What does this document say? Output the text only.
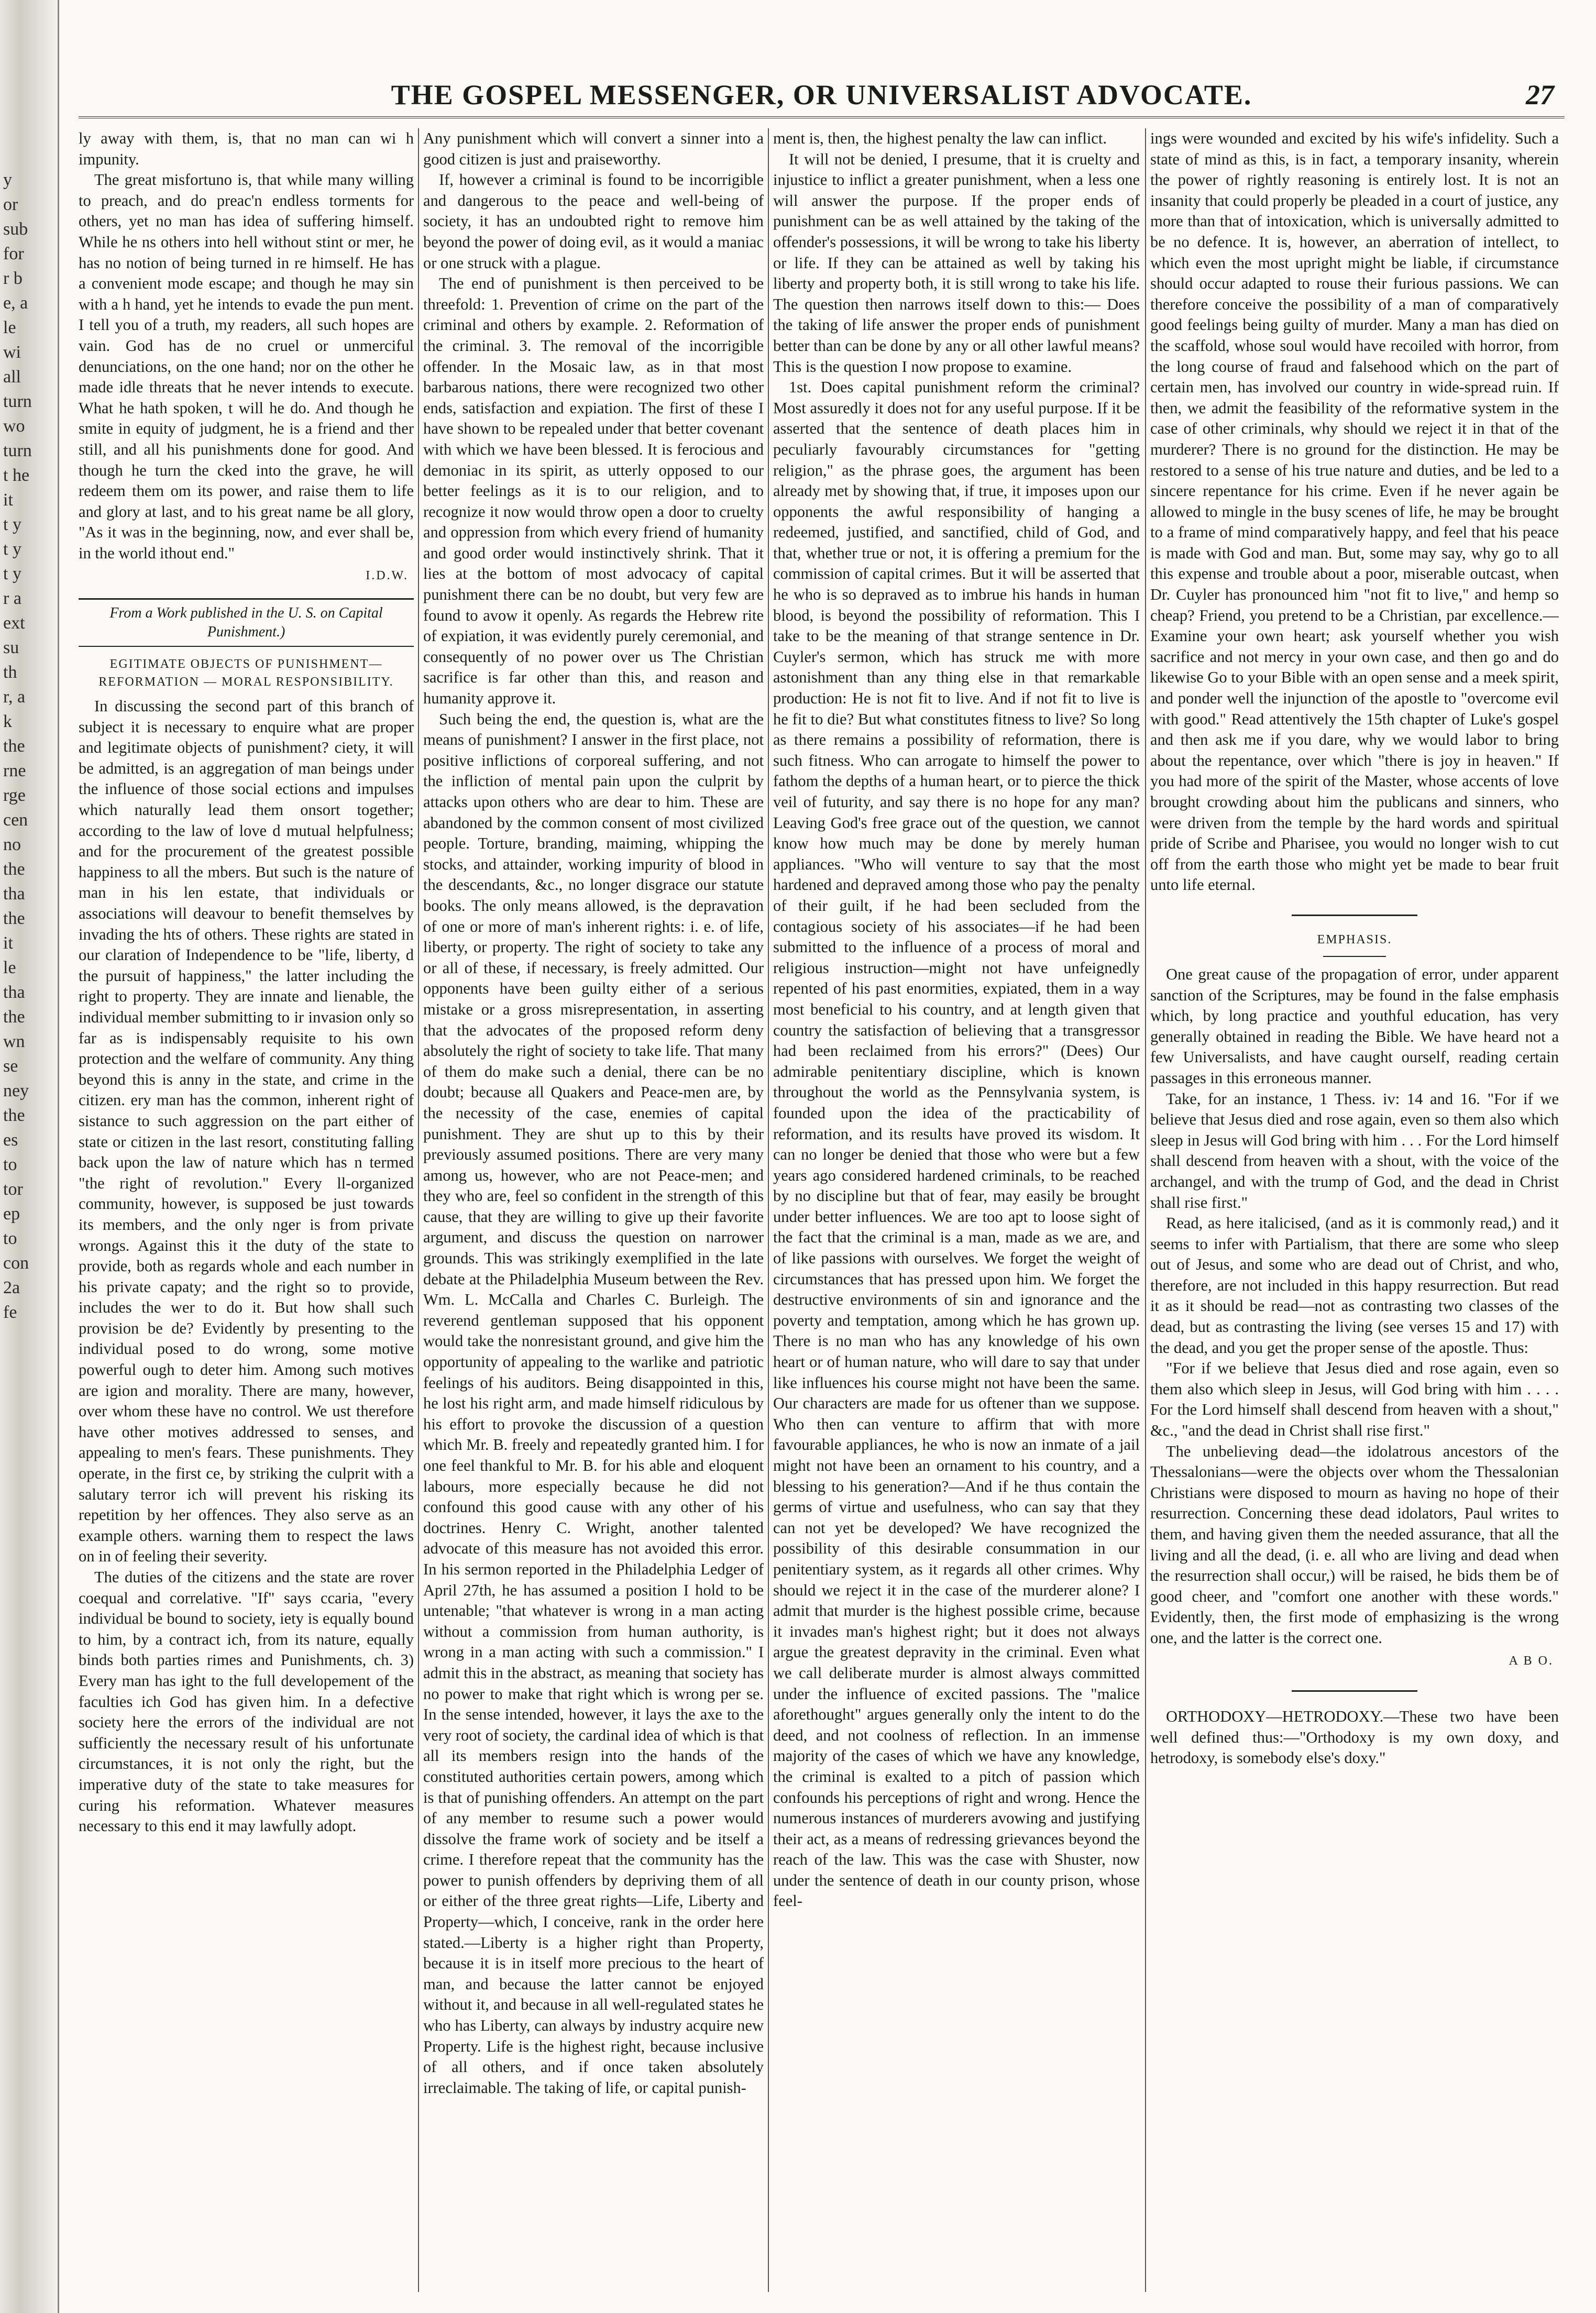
y
or
sub
for
r b
e, a
le
wi
all
turn
wo
turn
t he
it
t y
t y
t y
r a
ext
su
th
r, a
k
the
rne
rge
cen
no
the
tha
the
it
le
tha
the
wn
se
ney
the
es
to
tor
ep
to
con
2a
fe
THE GOSPEL MESSENGER, OR UNIVERSALIST ADVOCATE.	27

ly away with them, is, that no man can wi h impunity.

The great misfortuno is, that while many willing to preach, and do preac'n endless torments for others, yet no man has idea of suffering himself. While he ns others into hell without stint or mer, he has no notion of being turned in re himself. He has a convenient mode escape; and though he may sin with a h hand, yet he intends to evade the pun ment. I tell you of a truth, my readers, all such hopes are vain. God has de no cruel or unmerciful denunciations, on the one hand; nor on the other he made idle threats that he never intends to execute. What he hath spoken, t will he do. And though he smite in equity of judgment, he is a friend and ther still, and all his punishments done for good. And though he turn the cked into the grave, he will redeem them om its power, and raise them to life and glory at last, and to his great name be all glory, "As it was in the beginning, now, and ever shall be, in the world ithout end."

I.D.W.
From a Work published in the U. S. on Capital Punishment.)
EGITIMATE OBJECTS OF PUNISHMENT— REFORMATION — MORAL RESPONSIBILITY.

In discussing the second part of this branch of subject it is necessary to enquire what are proper and legitimate objects of punishment? ciety, it will be admitted, is an aggregation of man beings under the influence of those social ections and impulses which naturally lead them onsort together; according to the law of love d mutual helpfulness; and for the procurement of the greatest possible happiness to all the mbers. But such is the nature of man in his len estate, that individuals or associations will deavour to benefit themselves by invading the hts of others. These rights are stated in our claration of Independence to be "life, liberty, d the pursuit of happiness," the latter including the right to property. They are innate and lienable, the individual member submitting to ir invasion only so far as is indispensably requisite to his own protection and the welfare of community. Any thing beyond this is anny in the state, and crime in the citizen. ery man has the common, inherent right of sistance to such aggression on the part either of state or citizen in the last resort, constituting falling back upon the law of nature which has n termed "the right of revolution." Every ll-organized community, however, is supposed be just towards its members, and the only nger is from private wrongs. Against this it the duty of the state to provide, both as regards whole and each number in his private capaty; and the right so to provide, includes the wer to do it. But how shall such provision be de? Evidently by presenting to the individual posed to do wrong, some motive powerful ough to deter him. Among such motives are igion and morality. There are many, however, over whom these have no control. We ust therefore have other motives addressed to senses, and appealing to men's fears. These punishments. They operate, in the first ce, by striking the culprit with a salutary terror ich will prevent his risking its repetition by her offences. They also serve as an example others. warning them to respect the laws on in of feeling their severity.

The duties of the citizens and the state are rover coequal and correlative. "If" says ccaria, "every individual be bound to society, iety is equally bound to him, by a contract ich, from its nature, equally binds both parties rimes and Punishments, ch. 3) Every man has ight to the full developement of the faculties ich God has given him. In a defective society here the errors of the individual are not sufficiently the necessary result of his unfortunate circumstances, it is not only the right, but the imperative duty of the state to take measures for curing his reformation. Whatever measures necessary to this end it may lawfully adopt.

Any punishment which will convert a sinner into a good citizen is just and praiseworthy.

If, however a criminal is found to be incorrigible and dangerous to the peace and well-being of society, it has an undoubted right to remove him beyond the power of doing evil, as it would a maniac or one struck with a plague.

The end of punishment is then perceived to be threefold: 1. Prevention of crime on the part of the criminal and others by example. 2. Reformation of the criminal. 3. The removal of the incorrigible offender. In the Mosaic law, as in that most barbarous nations, there were recognized two other ends, satisfaction and expiation. The first of these I have shown to be repealed under that better covenant with which we have been blessed. It is ferocious and demoniac in its spirit, as utterly opposed to our better feelings as it is to our religion, and to recognize it now would throw open a door to cruelty and oppression from which every friend of humanity and good order would instinctively shrink. That it lies at the bottom of most advocacy of capital punishment there can be no doubt, but very few are found to avow it openly. As regards the Hebrew rite of expiation, it was evidently purely ceremonial, and consequently of no power over us The Christian sacrifice is far other than this, and reason and humanity approve it.

Such being the end, the question is, what are the means of punishment? I answer in the first place, not positive inflictions of corporeal suffering, and not the infliction of mental pain upon the culprit by attacks upon others who are dear to him. These are abandoned by the common consent of most civilized people. Torture, branding, maiming, whipping the stocks, and attainder, working impurity of blood in the descendants, &c., no longer disgrace our statute books. The only means allowed, is the depravation of one or more of man's inherent rights: i. e. of life, liberty, or property. The right of society to take any or all of these, if necessary, is freely admitted. Our opponents have been guilty either of a serious mistake or a gross misrepresentation, in asserting that the advocates of the proposed reform deny absolutely the right of society to take life. That many of them do make such a denial, there can be no doubt; because all Quakers and Peace-men are, by the necessity of the case, enemies of capital punishment. They are shut up to this by their previously assumed positions. There are very many among us, however, who are not Peace-men; and they who are, feel so confident in the strength of this cause, that they are willing to give up their favorite argument, and discuss the question on narrower grounds. This was strikingly exemplified in the late debate at the Philadelphia Museum between the Rev. Wm. L. McCalla and Charles C. Burleigh. The reverend gentleman supposed that his opponent would take the nonresistant ground, and give him the opportunity of appealing to the warlike and patriotic feelings of his auditors. Being disappointed in this, he lost his right arm, and made himself ridiculous by his effort to provoke the discussion of a question which Mr. B. freely and repeatedly granted him. I for one feel thankful to Mr. B. for his able and eloquent labours, more especially because he did not confound this good cause with any other of his doctrines. Henry C. Wright, another talented advocate of this measure has not avoided this error. In his sermon reported in the Philadelphia Ledger of April 27th, he has assumed a position I hold to be untenable; "that whatever is wrong in a man acting without a commission from human authority, is wrong in a man acting with such a commission." I admit this in the abstract, as meaning that society has no power to make that right which is wrong per se. In the sense intended, however, it lays the axe to the very root of society, the cardinal idea of which is that all its members resign into the hands of the constituted authorities certain powers, among which is that of punishing offenders. An attempt on the part of any member to resume such a power would dissolve the frame work of society and be itself a crime. I therefore repeat that the community has the power to punish offenders by depriving them of all or either of the three great rights—Life, Liberty and Property—which, I conceive, rank in the order here stated.—Liberty is a higher right than Property, because it is in itself more precious to the heart of man, and because the latter cannot be enjoyed without it, and because in all well-regulated states he who has Liberty, can always by industry acquire new Property. Life is the highest right, because inclusive of all others, and if once taken absolutely irreclaimable. The taking of life, or capital punish-

ment is, then, the highest penalty the law can inflict.

It will not be denied, I presume, that it is cruelty and injustice to inflict a greater punishment, when a less one will answer the purpose. If the proper ends of punishment can be as well attained by the taking of the offender's possessions, it will be wrong to take his liberty or life. If they can be attained as well by taking his liberty and property both, it is still wrong to take his life. The question then narrows itself down to this:— Does the taking of life answer the proper ends of punishment better than can be done by any or all other lawful means? This is the question I now propose to examine.

1st. Does capital punishment reform the criminal? Most assuredly it does not for any useful purpose. If it be asserted that the sentence of death places him in peculiarly favourably circumstances for "getting religion," as the phrase goes, the argument has been already met by showing that, if true, it imposes upon our opponents the awful responsibility of hanging a redeemed, justified, and sanctified, child of God, and that, whether true or not, it is offering a premium for the commission of capital crimes. But it will be asserted that he who is so depraved as to imbrue his hands in human blood, is beyond the possibility of reformation. This I take to be the meaning of that strange sentence in Dr. Cuyler's sermon, which has struck me with more astonishment than any thing else in that remarkable production: He is not fit to live. And if not fit to live is he fit to die? But what constitutes fitness to live? So long as there remains a possibility of reformation, there is such fitness. Who can arrogate to himself the power to fathom the depths of a human heart, or to pierce the thick veil of futurity, and say there is no hope for any man? Leaving God's free grace out of the question, we cannot know how much may be done by merely human appliances. "Who will venture to say that the most hardened and depraved among those who pay the penalty of their guilt, if he had been secluded from the contagious society of his associates—if he had been submitted to the influence of a process of moral and religious instruction—might not have unfeignedly repented of his past enormities, expiated, them in a way most beneficial to his country, and at length given that country the satisfaction of believing that a transgressor had been reclaimed from his errors?" (Dees) Our admirable penitentiary discipline, which is known throughout the world as the Pennsylvania system, is founded upon the idea of the practicability of reformation, and its results have proved its wisdom. It can no longer be denied that those who were but a few years ago considered hardened criminals, to be reached by no discipline but that of fear, may easily be brought under better influences. We are too apt to loose sight of the fact that the criminal is a man, made as we are, and of like passions with ourselves. We forget the weight of circumstances that has pressed upon him. We forget the destructive environments of sin and ignorance and the poverty and temptation, among which he has grown up. There is no man who has any knowledge of his own heart or of human nature, who will dare to say that under like influences his course might not have been the same. Our characters are made for us oftener than we suppose. Who then can venture to affirm that with more favourable appliances, he who is now an inmate of a jail might not have been an ornament to his country, and a blessing to his generation?—And if he thus contain the germs of virtue and usefulness, who can say that they can not yet be developed? We have recognized the possibility of this desirable consummation in our penitentiary system, as it regards all other crimes. Why should we reject it in the case of the murderer alone? I admit that murder is the highest possible crime, because it invades man's highest right; but it does not always argue the greatest depravity in the criminal. Even what we call deliberate murder is almost always committed under the influence of excited passions. The "malice aforethought" argues generally only the intent to do the deed, and not coolness of reflection. In an immense majority of the cases of which we have any knowledge, the criminal is exalted to a pitch of passion which confounds his perceptions of right and wrong. Hence the numerous instances of murderers avowing and justifying their act, as a means of redressing grievances beyond the reach of the law. This was the case with Shuster, now under the sentence of death in our county prison, whose feel-

ings were wounded and excited by his wife's infidelity. Such a state of mind as this, is in fact, a temporary insanity, wherein the power of rightly reasoning is entirely lost. It is not an insanity that could properly be pleaded in a court of justice, any more than that of intoxication, which is universally admitted to be no defence. It is, however, an aberration of intellect, to which even the most upright might be liable, if circumstance should occur adapted to rouse their furious passions. We can therefore conceive the possibility of a man of comparatively good feelings being guilty of murder. Many a man has died on the scaffold, whose soul would have recoiled with horror, from the long course of fraud and falsehood which on the part of certain men, has involved our country in wide-spread ruin. If then, we admit the feasibility of the reformative system in the case of other criminals, why should we reject it in that of the murderer? There is no ground for the distinction. He may be restored to a sense of his true nature and duties, and be led to a sincere repentance for his crime. Even if he never again be allowed to mingle in the busy scenes of life, he may be brought to a frame of mind comparatively happy, and feel that his peace is made with God and man. But, some may say, why go to all this expense and trouble about a poor, miserable outcast, when Dr. Cuyler has pronounced him "not fit to live," and hemp so cheap? Friend, you pretend to be a Christian, par excellence.—Examine your own heart; ask yourself whether you wish sacrifice and not mercy in your own case, and then go and do likewise Go to your Bible with an open sense and a meek spirit, and ponder well the injunction of the apostle to "overcome evil with good." Read attentively the 15th chapter of Luke's gospel and then ask me if you dare, why we would labor to bring about the repentance, over which "there is joy in heaven." If you had more of the spirit of the Master, whose accents of love brought crowding about him the publicans and sinners, who were driven from the temple by the hard words and spiritual pride of Scribe and Pharisee, you would no longer wish to cut off from the earth those who might yet be made to bear fruit unto life eternal.

EMPHASIS.

One great cause of the propagation of error, under apparent sanction of the Scriptures, may be found in the false emphasis which, by long practice and youthful education, has very generally obtained in reading the Bible. We have heard not a few Universalists, and have caught ourself, reading certain passages in this erroneous manner.

Take, for an instance, 1 Thess. iv: 14 and 16. "For if we believe that Jesus died and rose again, even so them also which sleep in Jesus will God bring with him . . . For the Lord himself shall descend from heaven with a shout, with the voice of the archangel, and with the trump of God, and the dead in Christ shall rise first."

Read, as here italicised, (and as it is commonly read,) and it seems to infer with Partialism, that there are some who sleep out of Jesus, and some who are dead out of Christ, and who, therefore, are not included in this happy resurrection. But read it as it should be read—not as contrasting two classes of the dead, but as contrasting the living (see verses 15 and 17) with the dead, and you get the proper sense of the apostle. Thus:

"For if we believe that Jesus died and rose again, even so them also which sleep in Jesus, will God bring with him . . . . For the Lord himself shall descend from heaven with a shout," &c., "and the dead in Christ shall rise first."

The unbelieving dead—the idolatrous ancestors of the Thessalonians—were the objects over whom the Thessalonian Christians were disposed to mourn as having no hope of their resurrection. Concerning these dead idolators, Paul writes to them, and having given them the needed assurance, that all the living and all the dead, (i. e. all who are living and dead when the resurrection shall occur,) will be raised, he bids them be of good cheer, and "comfort one another with these words." Evidently, then, the first mode of emphasizing is the wrong one, and the latter is the correct one.

A B O.

ORTHODOXY—HETRODOXY.—These two have been well defined thus:—"Orthodoxy is my own doxy, and hetrodoxy, is somebody else's doxy."
